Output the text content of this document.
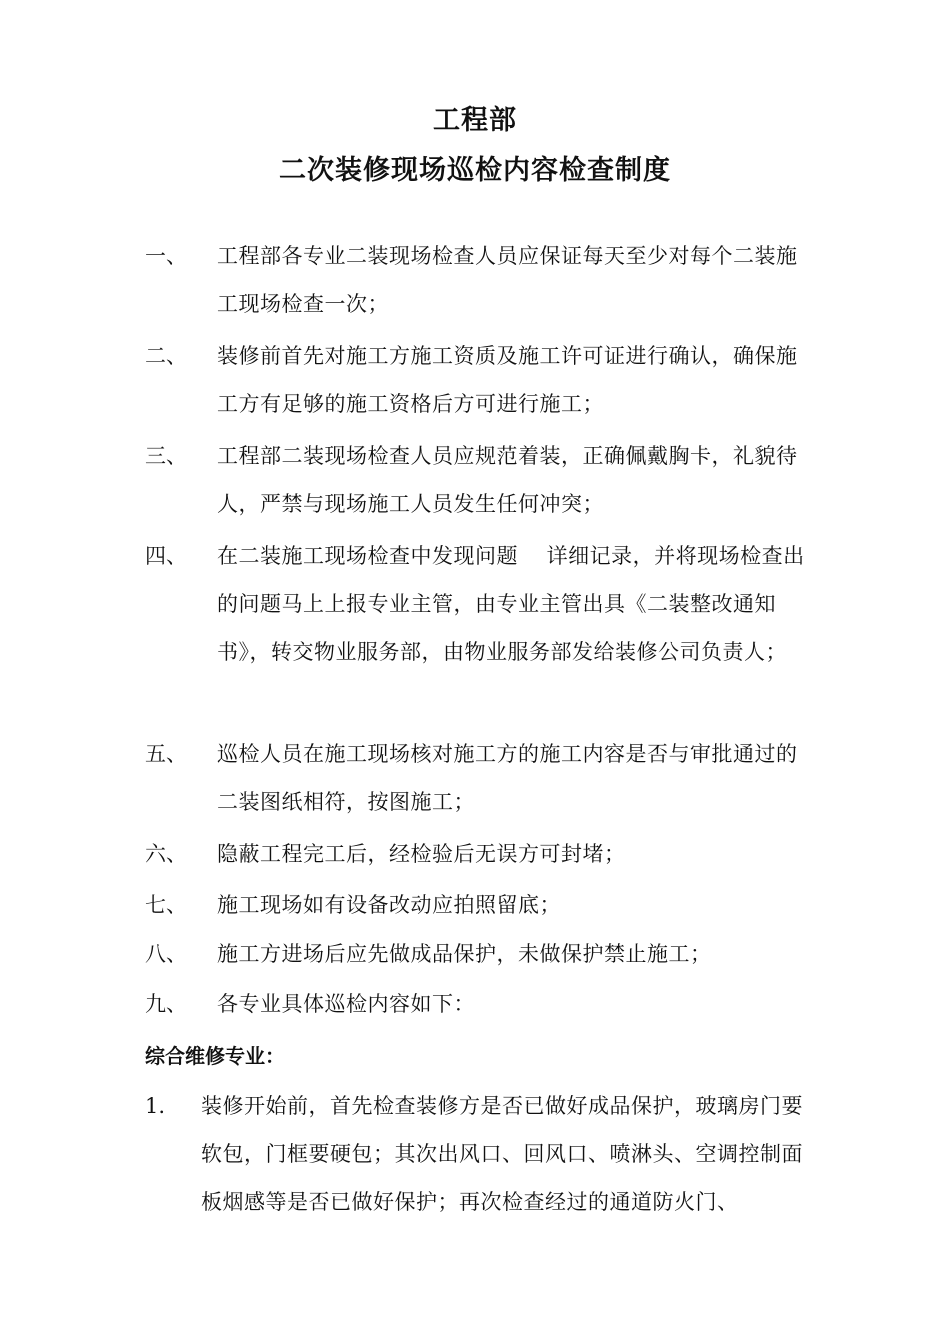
工程部
二次装修现场巡检内容检查制度
一、 工程部各专业二装现场检查人员应保证每天至少对每个二装施工现场检查一次；
二、 装修前首先对施工方施工资质及施工许可证进行确认，确保施工方有足够的施工资格后方可进行施工；
三、 工程部二装现场检查人员应规范着装，正确佩戴胸卡，礼貌待人，严禁与现场施工人员发生任何冲突；
四、 在二装施工现场检查中发现问题　 详细记录，并将现场检查出的问题马上上报专业主管，由专业主管出具《二装整改通知书》，转交物业服务部，由物业服务部发给装修公司负责人；
五、 巡检人员在施工现场核对施工方的施工内容是否与审批通过的二装图纸相符，按图施工；
六、 隐蔽工程完工后，经检验后无误方可封堵；
七、 施工现场如有设备改动应拍照留底；
八、 施工方进场后应先做成品保护，未做保护禁止施工；
九、 各专业具体巡检内容如下：
综合维修专业：
1. 装修开始前，首先检查装修方是否已做好成品保护，玻璃房门要软包，门框要硬包；其次出风口、回风口、喷淋头、空调控制面板烟感等是否已做好保护；再次检查经过的通道防火门、
